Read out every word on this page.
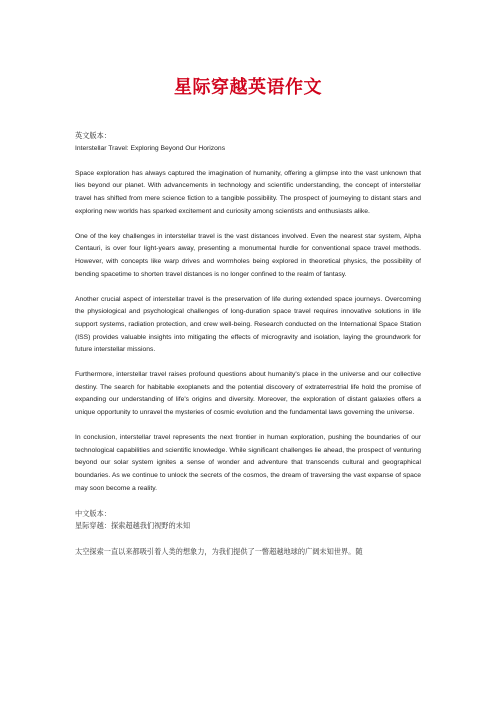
星际穿越英语作文

英文版本：

Interstellar Travel: Exploring Beyond Our Horizons

Space exploration has always captured the imagination of humanity, offering a glimpse into the vast unknown that lies beyond our planet. With advancements in technology and scientific understanding, the concept of interstellar travel has shifted from mere science fiction to a tangible possibility. The prospect of journeying to distant stars and exploring new worlds has sparked excitement and curiosity among scientists and enthusiasts alike.

One of the key challenges in interstellar travel is the vast distances involved. Even the nearest star system, Alpha Centauri, is over four light-years away, presenting a monumental hurdle for conventional space travel methods. However, with concepts like warp drives and wormholes being explored in theoretical physics, the possibility of bending spacetime to shorten travel distances is no longer confined to the realm of fantasy.

Another crucial aspect of interstellar travel is the preservation of life during extended space journeys. Overcoming the physiological and psychological challenges of long-duration space travel requires innovative solutions in life support systems, radiation protection, and crew well-being. Research conducted on the International Space Station (ISS) provides valuable insights into mitigating the effects of microgravity and isolation, laying the groundwork for future interstellar missions.

Furthermore, interstellar travel raises profound questions about humanity's place in the universe and our collective destiny. The search for habitable exoplanets and the potential discovery of extraterrestrial life hold the promise of expanding our understanding of life's origins and diversity. Moreover, the exploration of distant galaxies offers a unique opportunity to unravel the mysteries of cosmic evolution and the fundamental laws governing the universe.

In conclusion, interstellar travel represents the next frontier in human exploration, pushing the boundaries of our technological capabilities and scientific knowledge. While significant challenges lie ahead, the prospect of venturing beyond our solar system ignites a sense of wonder and adventure that transcends cultural and geographical boundaries. As we continue to unlock the secrets of the cosmos, the dream of traversing the vast expanse of space may soon become a reality.

中文版本：

星际穿越：探索超越我们视野的未知

太空探索一直以来都吸引着人类的想象力，为我们提供了一瞥超越地球的广阔未知世界。随
